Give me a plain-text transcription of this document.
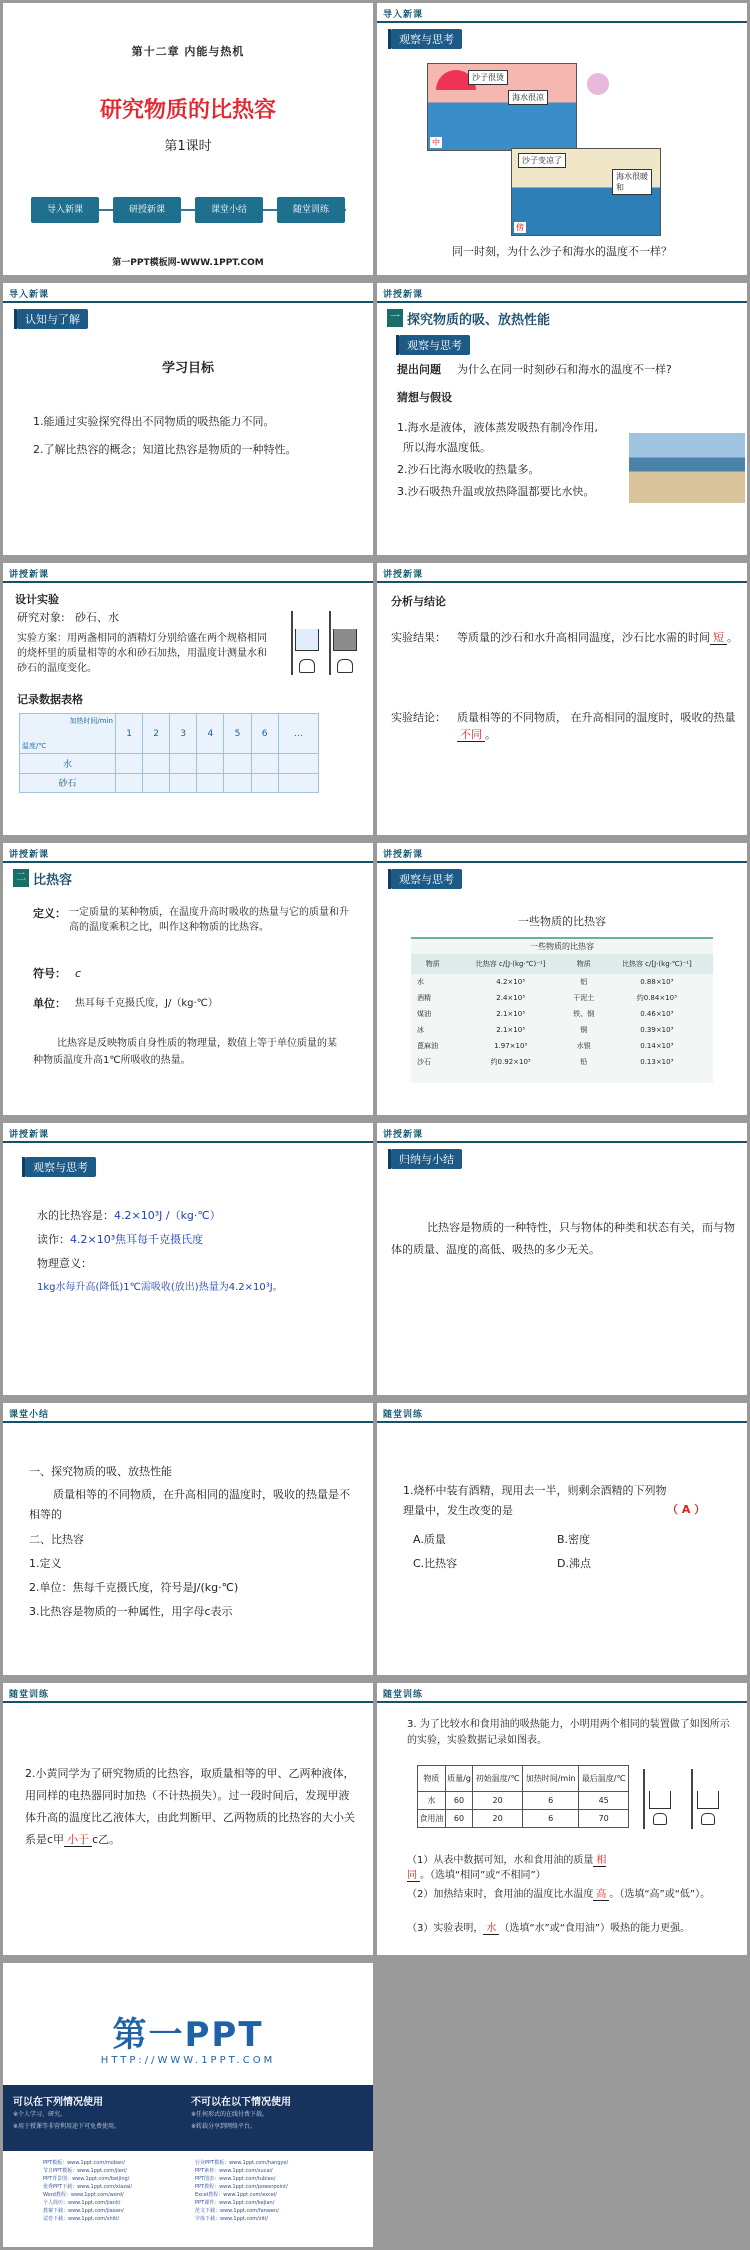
第十二章 内能与热机
研究物质的比热容
第1课时
导入新课	研授新课	课堂小结	随堂训练
第一PPT模板网-WWW.1PPT.COM
导入新课
观察与思考
沙子很烫
海水很凉
中
沙子变凉了
海水很暖和
傍
同一时刻，为什么沙子和海水的温度不一样？
导入新课
认知与了解
学习目标
1.能通过实验探究得出不同物质的吸热能力不同。
2.了解比热容的概念；知道比热容是物质的一种特性。
讲授新课
一 探究物质的吸、放热性能
观察与思考
提出问题 为什么在同一时刻砂石和海水的温度不一样?
猜想与假设
1.海水是液体，液体蒸发吸热有制冷作用,
所以海水温度低。
2.沙石比海水吸收的热量多。
3.沙石吸热升温或放热降温都要比水快。
讲授新课
设计实验
研究对象: 砂石、水
实验方案：用两盏相同的酒精灯分别给盛在两个规格相同的烧杯里的质量相等的水和砂石加热，用温度计测量水和砂石的温度变化。
记录数据表格
加热时间/min
温度/℃	1	2	3	4	5	6	…
水							
砂石							
讲授新课
分析与结论
实验结果： 等质量的沙石和水升高相同温度，沙石比水需的时间 短 。
实验结论： 质量相等的不同物质， 在升高相同的温度时，吸收的热量不同 。
讲授新课
二 比热容
定义： 一定质量的某种物质，在温度升高时吸收的热量与它的质量和升高的温度乘积之比，叫作这种物质的比热容。
符号： c
单位： 焦耳每千克摄氏度，J/（kg·℃）
比热容是反映物质自身性质的物理量，数值上等于单位质量的某种物质温度升高1℃所吸收的热量。
讲授新课
观察与思考
一些物质的比热容
一些物质的比热容
物质	比热容 c/[J·(kg·℃)⁻¹]	物质	比热容 c/[J·(kg·℃)⁻¹]
水	4.2×10³	铝	0.88×10³
酒精	2.4×10³	干泥土	约0.84×10³
煤油	2.1×10³	铁、钢	0.46×10³
冰	2.1×10³	铜	0.39×10³
蓖麻油	1.97×10³	水银	0.14×10³
沙石	约0.92×10³	铅	0.13×10³
讲授新课
观察与思考
水的比热容是：4.2×10³J /（kg·℃）
读作：4.2×10³焦耳每千克摄氏度
物理意义：
1kg水每升高(降低)1℃需吸收(放出)热量为4.2×10³J。
讲授新课
归纳与小结
比热容是物质的一种特性，只与物体的种类和状态有关，而与物体的质量、温度的高低、吸热的多少无关。
课堂小结
一、探究物质的吸、放热性能
质量相等的不同物质，在升高相同的温度时，吸收的热量是不相等的
二、比热容
1.定义
2.单位：焦每千克摄氏度，符号是J/(kg·℃)
3.比热容是物质的一种属性，用字母c表示
随堂训练
1.烧杯中装有酒精，现用去一半，则剩余酒精的下列物理量中，发生改变的是	（ A ）
A.质量	B.密度
C.比热容	D.沸点
随堂训练
2.小黄同学为了研究物质的比热容，取质量相等的甲、乙两种液体，用同样的电热器同时加热（不计热损失）。过一段时间后，发现甲液体升高的温度比乙液体大，由此判断甲、乙两物质的比热容的大小关系是c甲 小于 c乙。
随堂训练
3. 为了比较水和食用油的吸热能力，小明用两个相同的装置做了如图所示的实验，实验数据记录如图表。
物质	质量/g	初始温度/℃	加热时间/min	最后温度/℃
水	60	20	6	45
食用油	60	20	6	70
（1）从表中数据可知，水和食用油的质量 相同 。（选填“相同”或“不相同”）
（2）加热结束时，食用油的温度比水温度 高 。（选填“高”或“低”）。
（3）实验表明， 水 （选填“水”或“食用油”）吸热的能力更强。
第一PPT
HTTP://WWW.1PPT.COM
可以在下列情况使用
※个人学习、研究。
※用于授课等非营利用途下可免费使用。
不可以在以下情况使用
※任何形式的在线付费下载。
※转载分享到网络平台。
PPT模板：www.1ppt.com/moban/
节日PPT模板：www.1ppt.com/jieri/
PPT背景图：www.1ppt.com/beijing/
优秀PPT下载：www.1ppt.com/xiazai/
Word教程：www.1ppt.com/word/
个人简历：www.1ppt.com/jianli/
教案下载：www.1ppt.com/jiaoan/
试卷下载：www.1ppt.com/shiti/
行业PPT模板：www.1ppt.com/hangye/
PPT素材：www.1ppt.com/sucai/
PPT图表：www.1ppt.com/tubiao/
PPT教程：www.1ppt.com/powerpoint/
Excel教程：www.1ppt.com/excel/
PPT课件：www.1ppt.com/kejian/
范文下载：www.1ppt.com/fanwen/
字体下载：www.1ppt.com/ziti/
